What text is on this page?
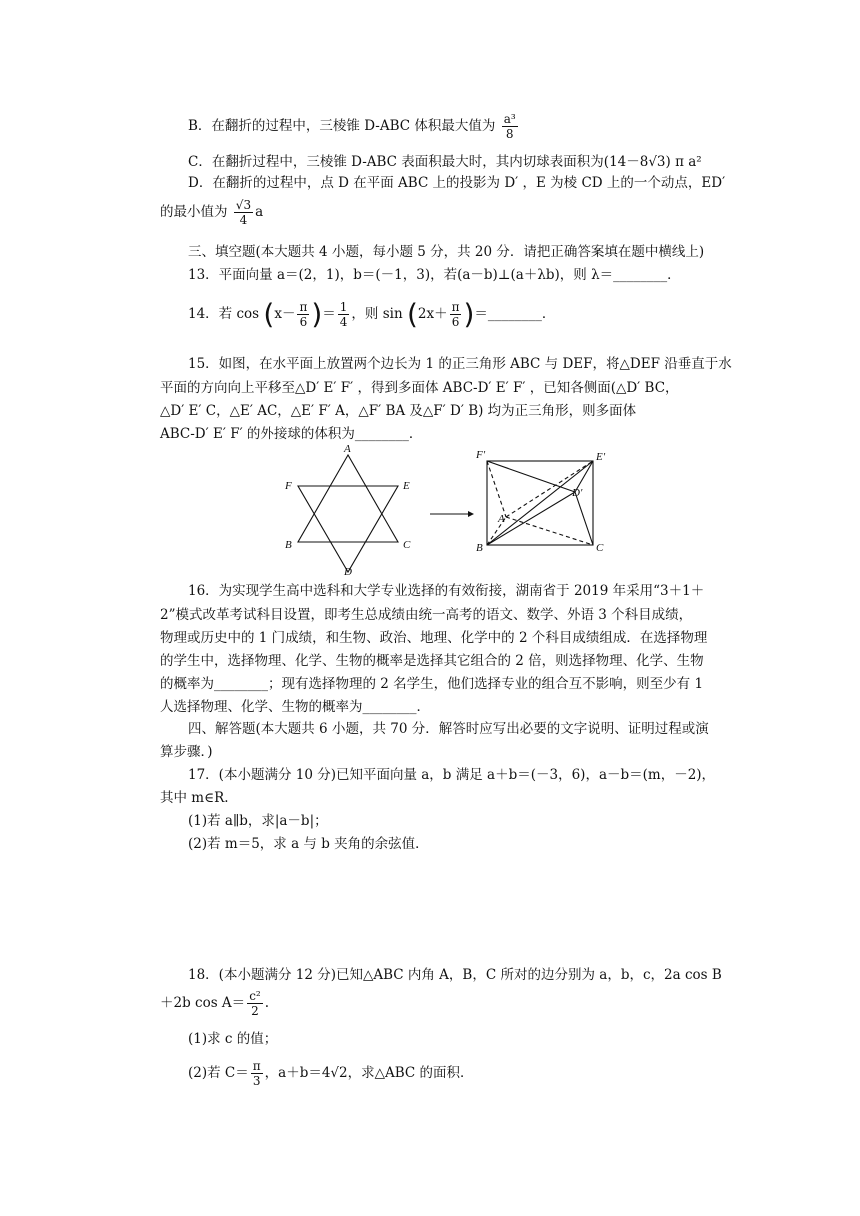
B．在翻折的过程中，三棱锥 D-ABC 体积最大值为 $\frac{\text{a³}}{8}$
C．在翻折过程中，三棱锥 D-ABC 表面积最大时，其内切球表面积为(14－8√3) π a²
D．在翻折的过程中，点 D 在平面 ABC 上的投影为 D′ ，E 为棱 CD 上的一个动点，ED′
的最小值为 $\frac{√3}{4}$ a
三、填空题(本大题共 4 小题，每小题 5 分，共 20 分．请把正确答案填在题中横线上)
13．平面向量 a＝(2，1)，b＝(－1，3)，若(a－b)⊥(a＋λb)，则 λ＝________．
14．若 $\cos (x- \frac{\pi}{6}$ )＝ $\frac{1}{4}$ ，则 $\sin (2x+ \frac{\pi}{6}$ )＝________．
15．如图，在水平面上放置两个边长为 1 的正三角形 ABC 与 DEF，将△DEF 沿垂直于水
平面的方向向上平移至△D′ E′ F′ ，得到多面体 ABC-D′ E′ F′ ，已知各侧面(△D′ BC，
△D′ E′ C，△E′ AC，△E′ F′ A，△F′ BA 及△F′ D′ B) 均为正三角形，则多面体
ABC-D′ E′ F′ 的外接球的体积为________．
A
F	E
B	C
D
F′	E′
D′
A
B	C
16．为实现学生高中选科和大学专业选择的有效衔接，湖南省于 2019 年采用“3＋1＋
2”模式改革考试科目设置，即考生总成绩由统一高考的语文、数学、外语 3 个科目成绩，
物理或历史中的 1 门成绩，和生物、政治、地理、化学中的 2 个科目成绩组成．在选择物理
的学生中，选择物理、化学、生物的概率是选择其它组合的 2 倍，则选择物理、化学、生物
的概率为________；现有选择物理的 2 名学生，他们选择专业的组合互不影响，则至少有 1
人选择物理、化学、生物的概率为________．
四、解答题(本大题共 6 小题，共 70 分．解答时应写出必要的文字说明、证明过程或演
算步骤．)
17．(本小题满分 10 分)已知平面向量 a，b 满足 a＋b＝(－3，6)，a－b＝(m，－2)，
其中 m∈R.
(1)若 a∥b，求|a－b|；
(2)若 m＝5，求 a 与 b 夹角的余弦值．
18．(本小题满分 12 分)已知△ABC 内角 A，B，C 所对的边分别为 a，b，c，2a cos B
＋2b $\cos A= \frac{\text{c²}}{2}$ .
(1)求 c 的值；
(2)若 $C= \frac{\pi}{3}$ ，a＋b＝4√2，求△ABC 的面积．
